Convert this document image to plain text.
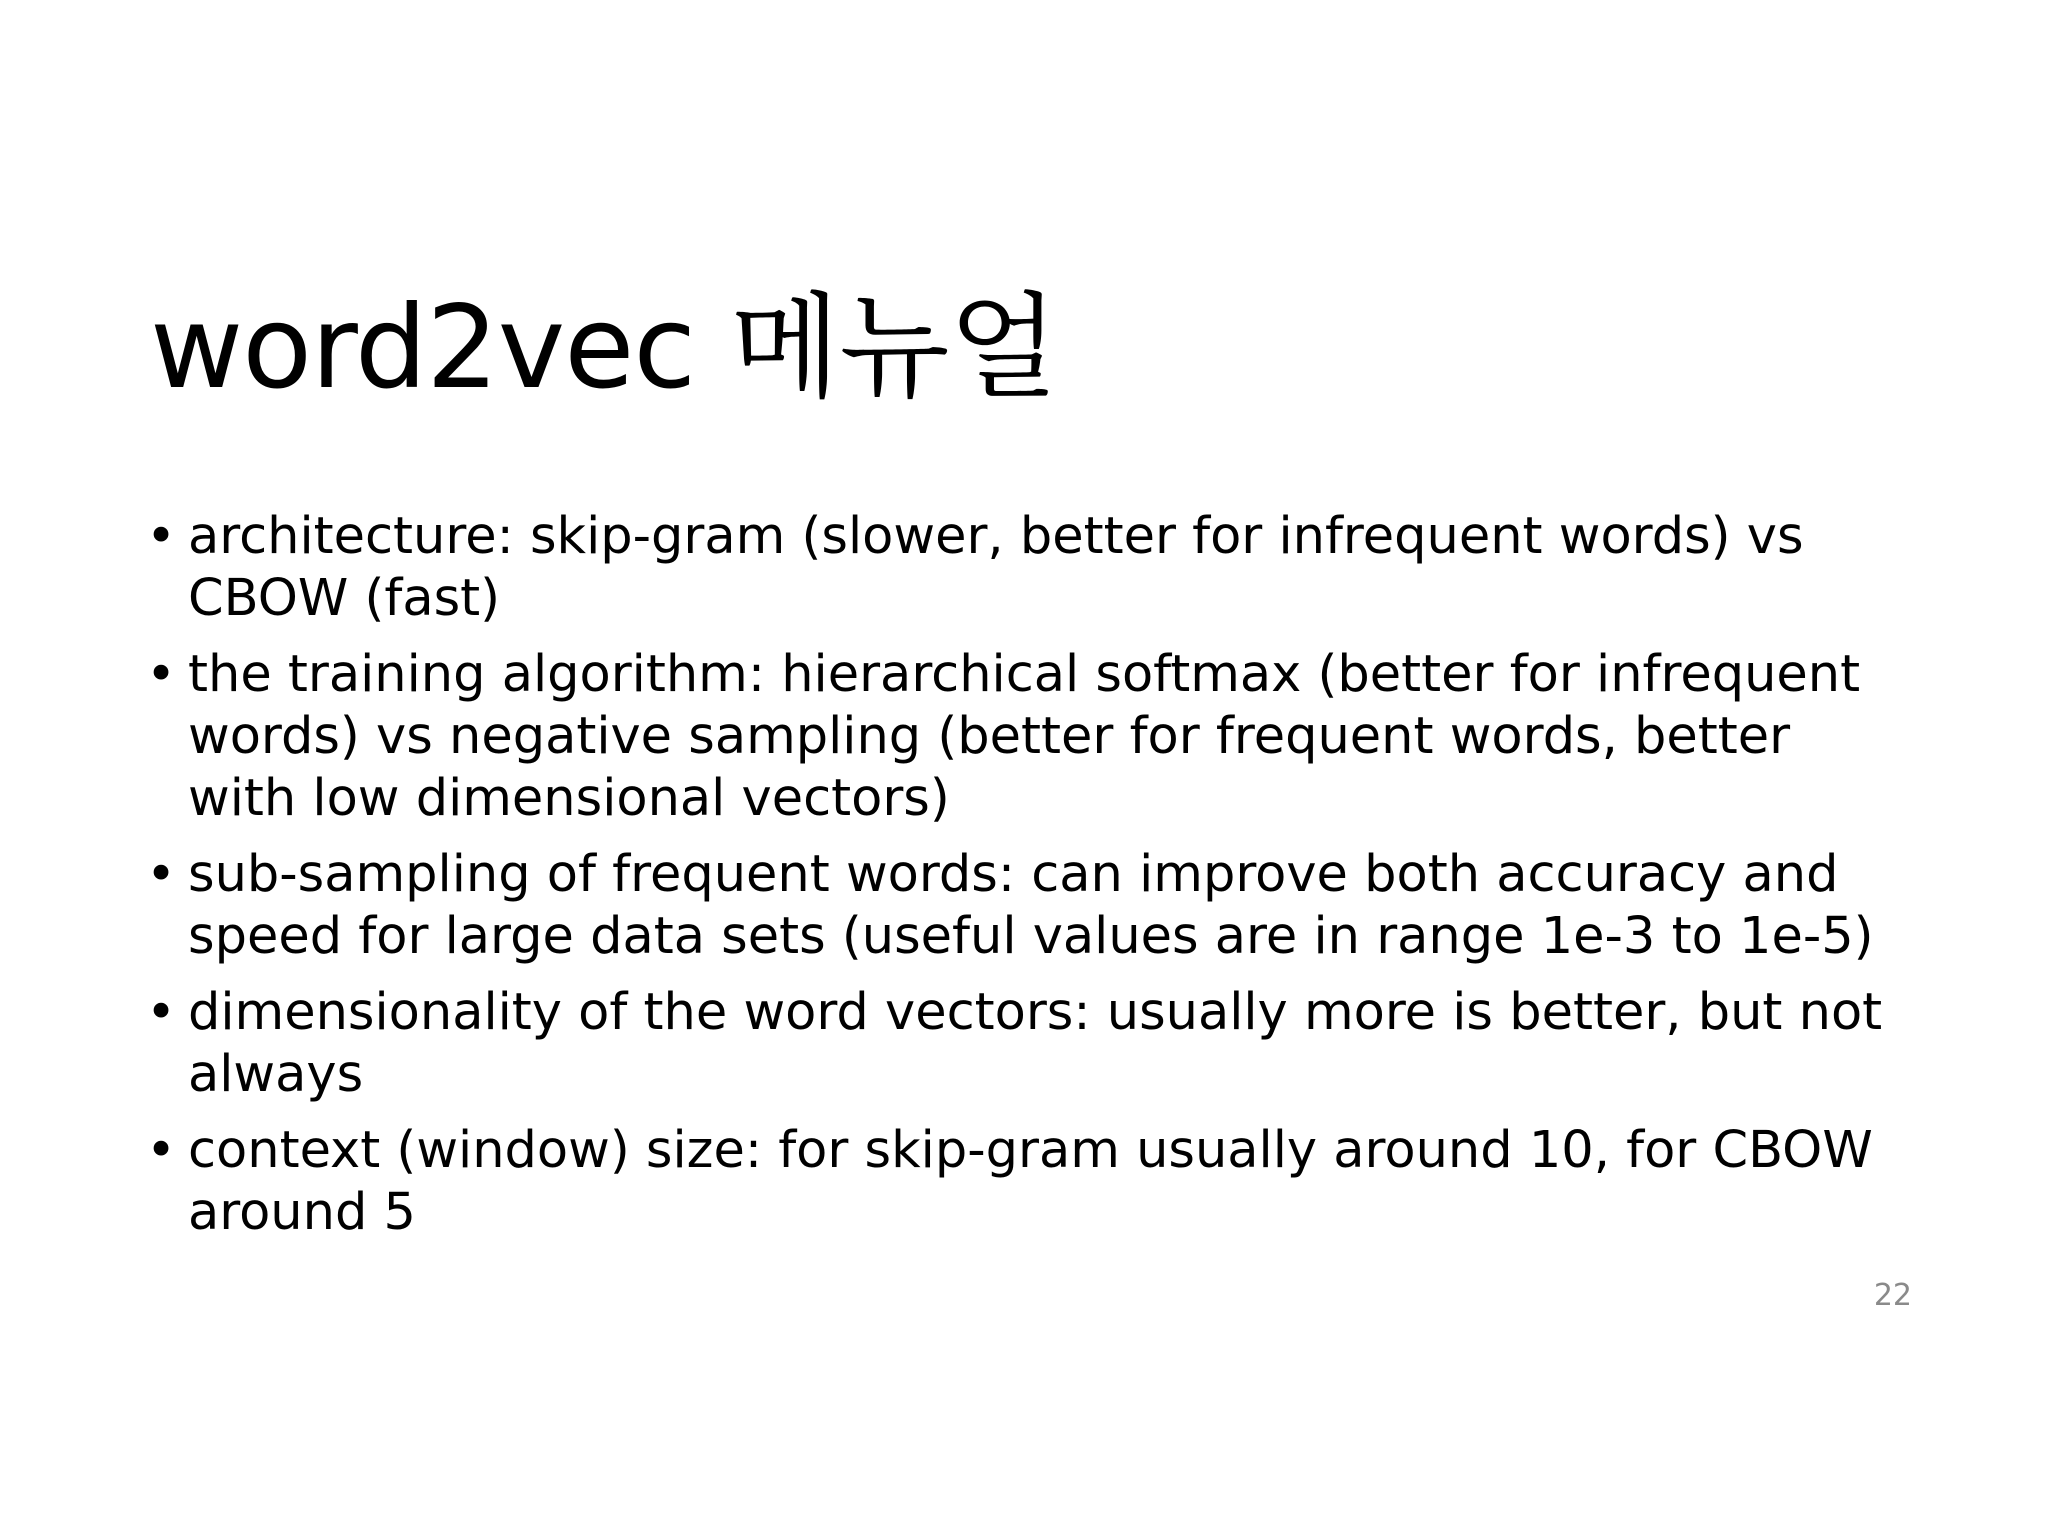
word2vec 메뉴얼
• architecture: skip-gram (slower, better for infrequent words) vs CBOW (fast)
• the training algorithm: hierarchical softmax (better for infrequent words) vs negative sampling (better for frequent words, better with low dimensional vectors)
• sub-sampling of frequent words: can improve both accuracy and speed for large data sets (useful values are in range 1e-3 to 1e-5)
• dimensionality of the word vectors: usually more is better, but not always
• context (window) size: for skip-gram usually around 10, for CBOW around 5
22
